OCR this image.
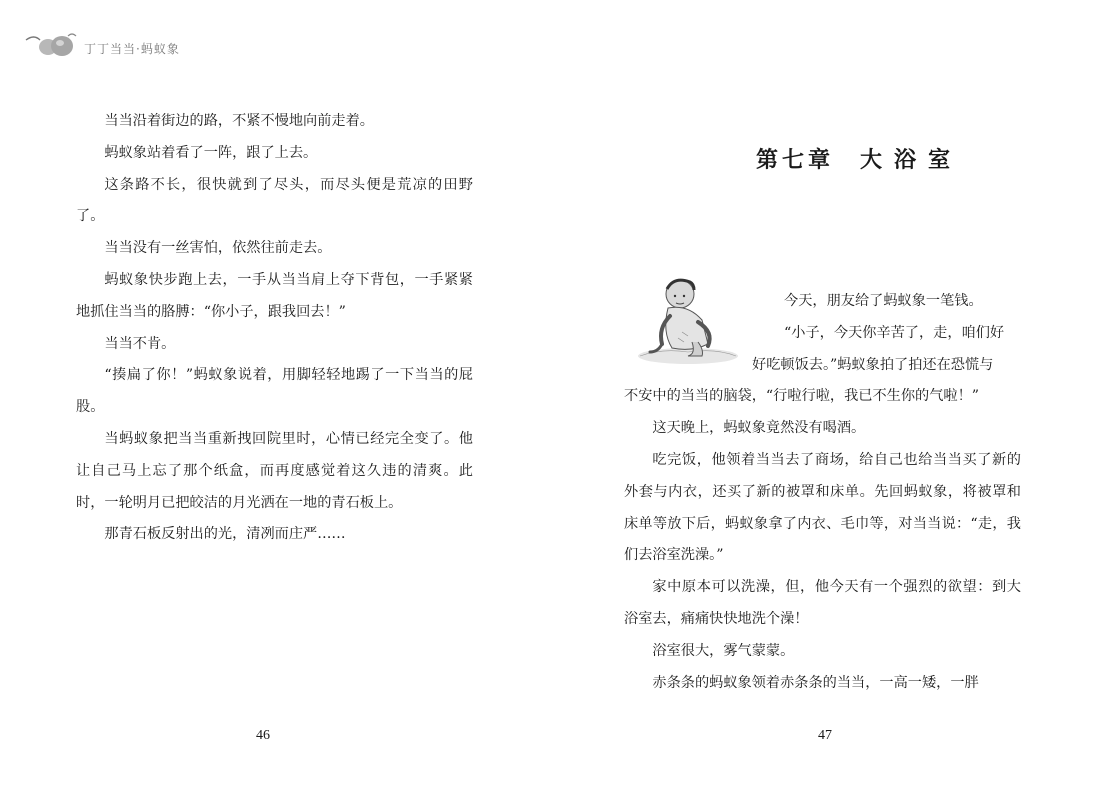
丁丁当当·蚂蚁象

当当沿着街边的路，不紧不慢地向前走着。

蚂蚁象站着看了一阵，跟了上去。

这条路不长，很快就到了尽头，而尽头便是荒凉的田野了。

当当没有一丝害怕，依然往前走去。

蚂蚁象快步跑上去，一手从当当肩上夺下背包，一手紧紧地抓住当当的胳膊：“你小子，跟我回去！”

当当不肯。

“揍扁了你！”蚂蚁象说着，用脚轻轻地踢了一下当当的屁股。

当蚂蚁象把当当重新拽回院里时，心情已经完全变了。他让自己马上忘了那个纸盒，而再度感觉着这久违的清爽。此时，一轮明月已把皎洁的月光洒在一地的青石板上。

那青石板反射出的光，清冽而庄严……

46
第七章 大浴室

今天，朋友给了蚂蚁象一笔钱。

“小子，今天你辛苦了，走，咱们好

好吃顿饭去。”蚂蚁象拍了拍还在恐慌与

不安中的当当的脑袋，“行啦行啦，我已不生你的气啦！”

这天晚上，蚂蚁象竟然没有喝酒。

吃完饭，他领着当当去了商场，给自己也给当当买了新的外套与内衣，还买了新的被罩和床单。先回蚂蚁象，将被罩和床单等放下后，蚂蚁象拿了内衣、毛巾等，对当当说：“走，我们去浴室洗澡。”

家中原本可以洗澡，但，他今天有一个强烈的欲望：到大浴室去，痛痛快快地洗个澡！

浴室很大，雾气蒙蒙。

赤条条的蚂蚁象领着赤条条的当当，一高一矮，一胖

47
